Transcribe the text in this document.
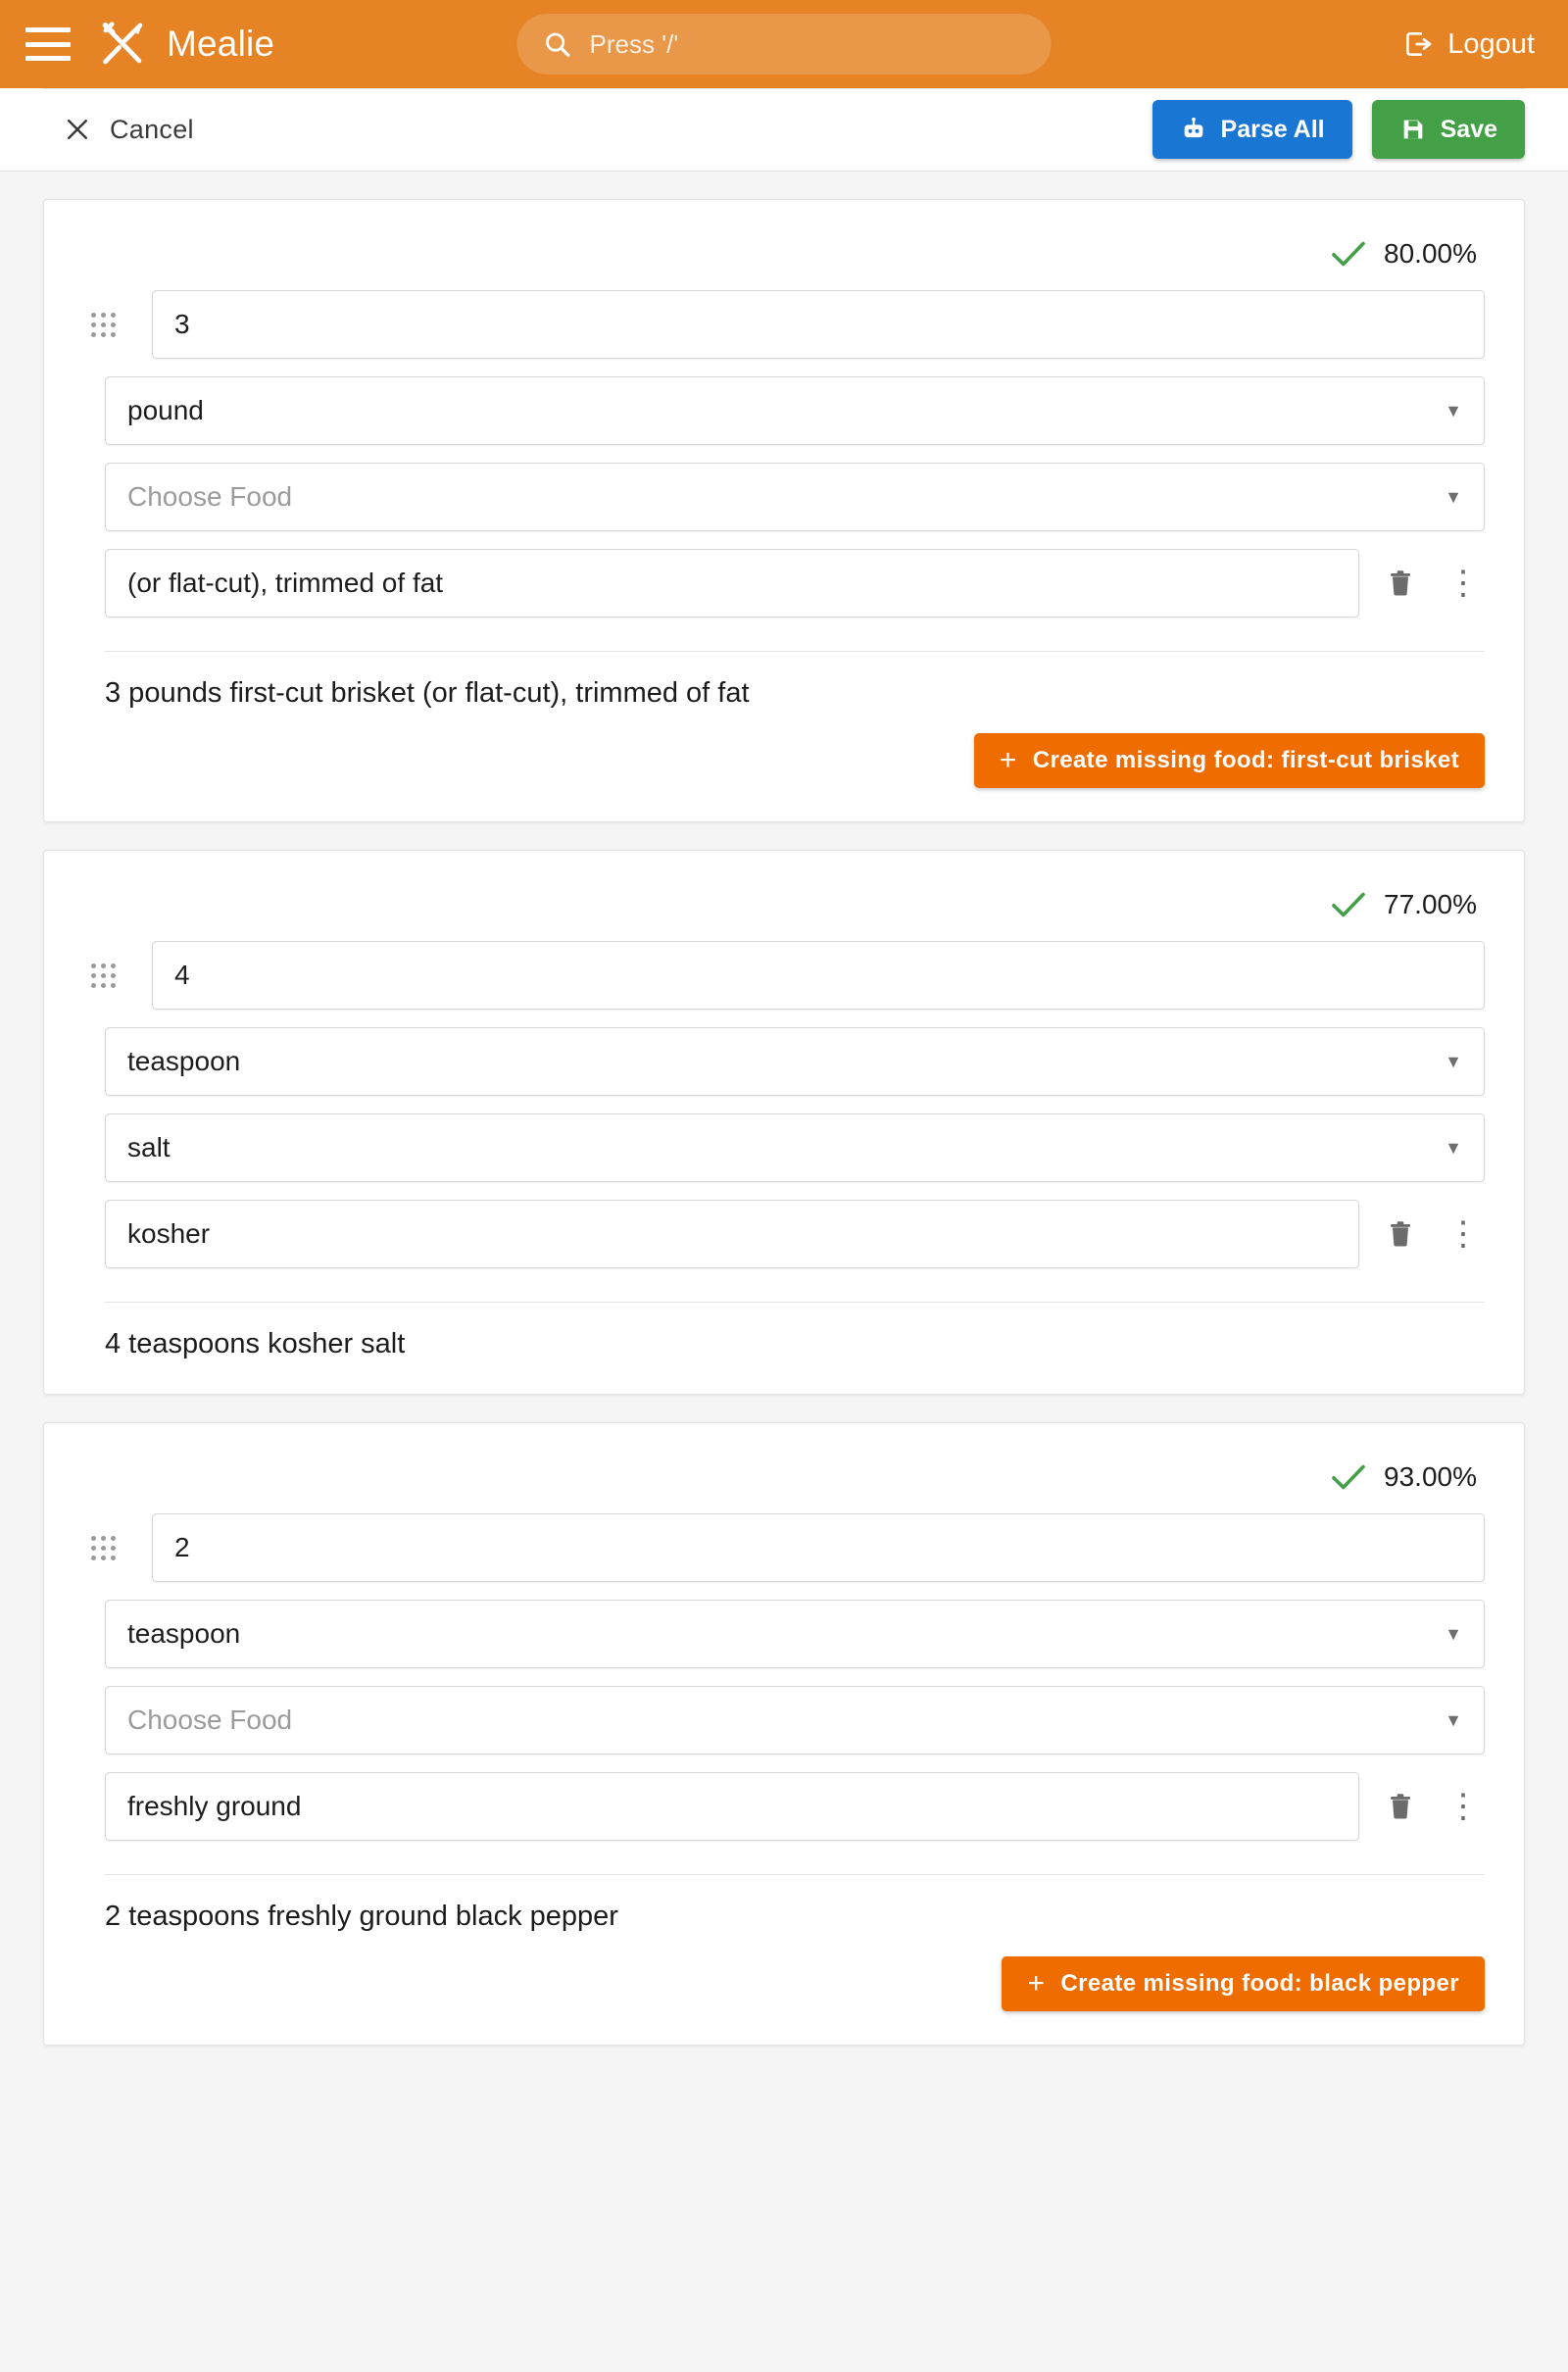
Mealie
Press '/'	Logout
Cancel	Parse All	Save
80.00%
3
pound	▼
Choose Food	▼
(or flat-cut), trimmed of fat	⋮
3 pounds first-cut brisket (or flat-cut), trimmed of fat
+ Create missing food: first-cut brisket
77.00%
4
teaspoon	▼
salt	▼
kosher	⋮
4 teaspoons kosher salt
93.00%
2
teaspoon	▼
Choose Food	▼
freshly ground	⋮
2 teaspoons freshly ground black pepper
+ Create missing food: black pepper
